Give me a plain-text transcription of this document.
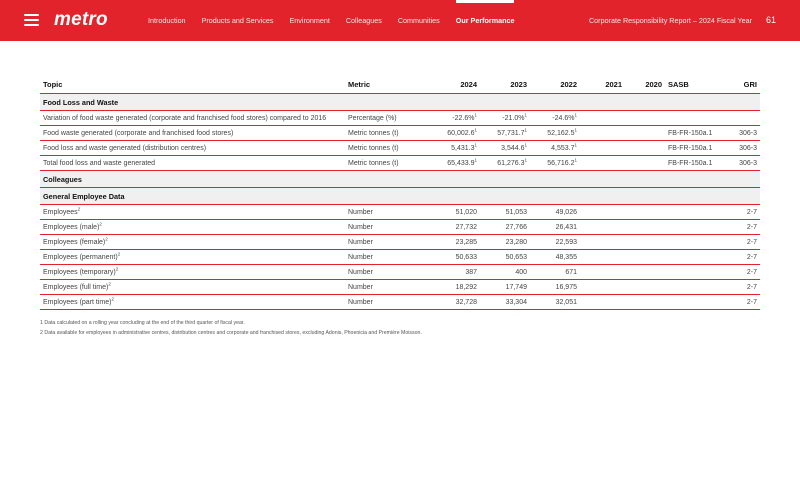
metro	Introduction Products and Services Environment Colleagues Communities Our Performance	Corporate Responsibility Report – 2024 Fiscal Year 61
Topic	Metric	2024	2023	2022	2021	2020	SASB	GRI
Food Loss and Waste								
Variation of food waste generated (corporate and franchised food stores) compared to 2016	Percentage (%)	-22.6%$^1$	-21.0%$^1$	-24.6%$^1$				
Food waste generated (corporate and franchised food stores)	Metric tonnes (t)	60,002.6$^1$	57,731.7$^1$	52,162.5$^1$			FB-FR-150a.1	306-3
Food loss and waste generated (distribution centres)	Metric tonnes (t)	5,431.3$^1$	3,544.6$^1$	4,553.7$^1$			FB-FR-150a.1	306-3
Total food loss and waste generated	Metric tonnes (t)	65,433.9$^1$	61,276.3$^1$	56,716.2$^1$			FB-FR-150a.1	306-3
Colleagues								
General Employee Data								
Employees$^2$	Number	51,020	51,053	49,026				2-7
Employees (male)$^2$	Number	27,732	27,766	26,431				2-7
Employees (female)$^2$	Number	23,285	23,280	22,593				2-7
Employees (permanent)$^2$	Number	50,633	50,653	48,355				2-7
Employees (temporary)$^2$	Number	387	400	671				2-7
Employees (full time)$^2$	Number	18,292	17,749	16,975				2-7
Employees (part time)$^2$	Number	32,728	33,304	32,051				2-7
1 Data calculated on a rolling year concluding at the end of the third quarter of fiscal year.
2 Data available for employees in administrative centres, distribution centres and corporate and franchised stores, excluding Adonis, Phoenicia and Première Moisson.
